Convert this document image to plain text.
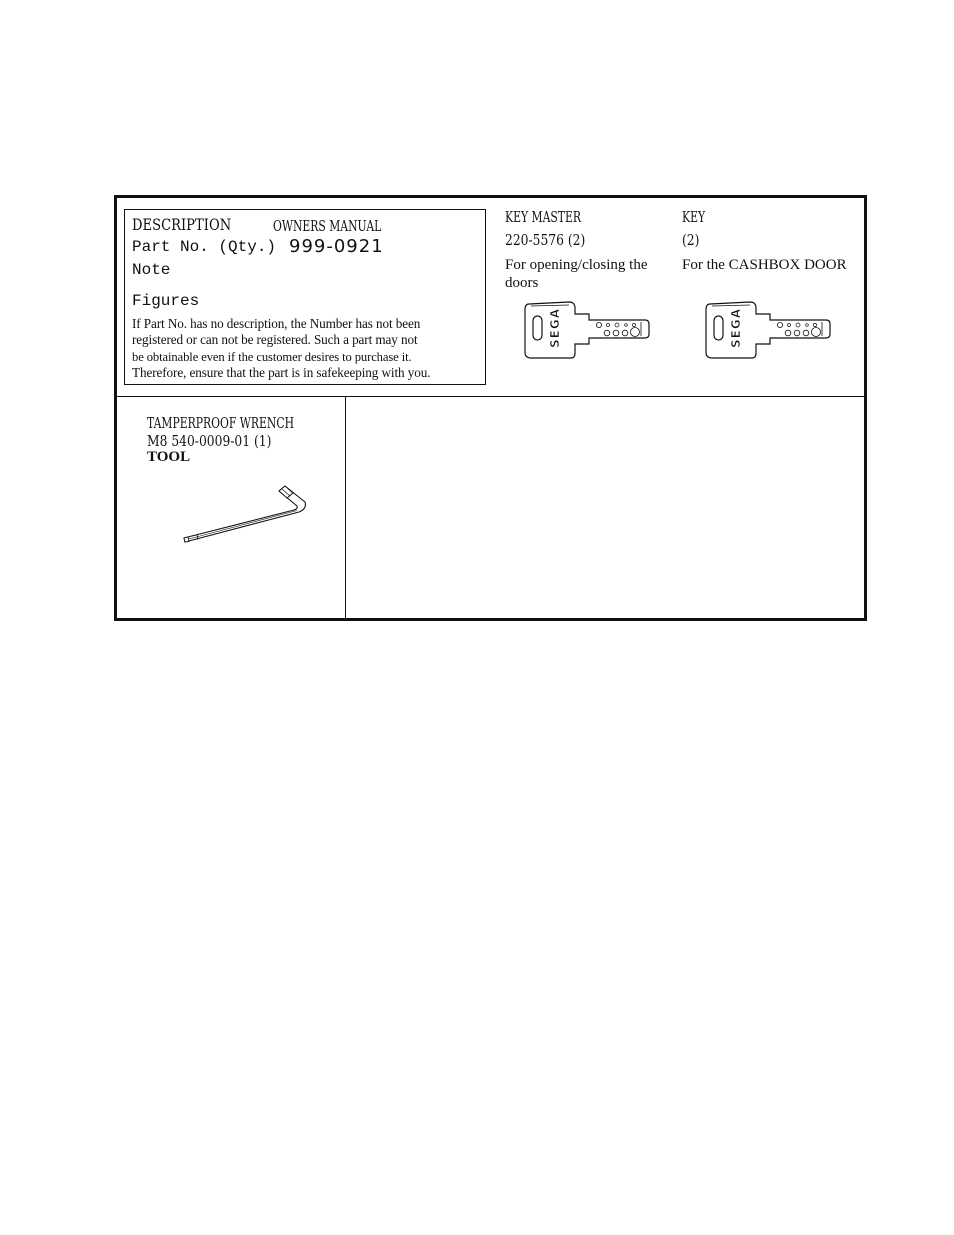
DESCRIPTION	OWNERS MANUAL
Part No. (Qty.) 999-0921
Note
Figures
If Part No. has no description, the Number has not been
registered or can not be registered. Such a part may not
be obtainable even if the customer desires to purchase it.
Therefore, ensure that the part is in safekeeping with you.
KEY MASTER
220-5576 (2)
For opening/closing the doors
SEGA
KEY
(2)
For the CASHBOX DOOR
SEGA
TAMPERPROOF WRENCH
M8 540-0009-01 (1)
TOOL
